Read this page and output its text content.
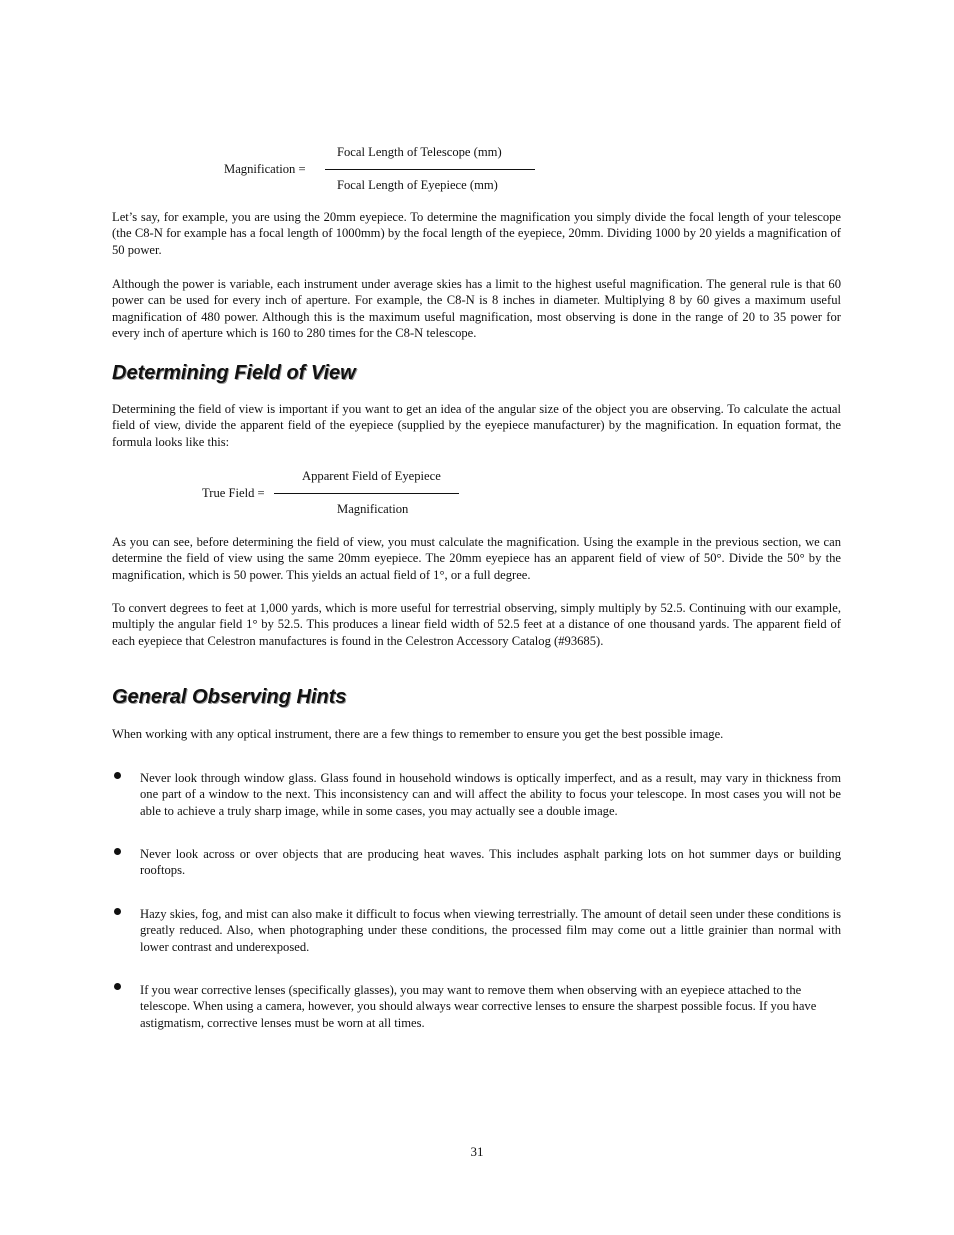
Focal Length of Telescope (mm)
Magnification =
Focal Length of Eyepiece (mm)

Let’s say, for example, you are using the 20mm eyepiece. To determine the magnification you simply divide the focal length of your telescope (the C8-N for example has a focal length of 1000mm) by the focal length of the eyepiece, 20mm. Dividing 1000 by 20 yields a magnification of 50 power.

Although the power is variable, each instrument under average skies has a limit to the highest useful magnification. The general rule is that 60 power can be used for every inch of aperture. For example, the C8-N is 8 inches in diameter. Multiplying 8 by 60 gives a maximum useful magnification of 480 power. Although this is the maximum useful magnification, most observing is done in the range of 20 to 35 power for every inch of aperture which is 160 to 280 times for the C8-N telescope.

Determining Field of View

Determining the field of view is important if you want to get an idea of the angular size of the object you are observing. To calculate the actual field of view, divide the apparent field of the eyepiece (supplied by the eyepiece manufacturer) by the magnification. In equation format, the formula looks like this:

Apparent Field of Eyepiece
True Field =
Magnification

As you can see, before determining the field of view, you must calculate the magnification. Using the example in the previous section, we can determine the field of view using the same 20mm eyepiece. The 20mm eyepiece has an apparent field of view of 50°. Divide the 50° by the magnification, which is 50 power. This yields an actual field of 1°, or a full degree.

To convert degrees to feet at 1,000 yards, which is more useful for terrestrial observing, simply multiply by 52.5. Continuing with our example, multiply the angular field 1° by 52.5. This produces a linear field width of 52.5 feet at a distance of one thousand yards. The apparent field of each eyepiece that Celestron manufactures is found in the Celestron Accessory Catalog (#93685).

General Observing Hints

When working with any optical instrument, there are a few things to remember to ensure you get the best possible image.

Never look through window glass. Glass found in household windows is optically imperfect, and as a result, may vary in thickness from one part of a window to the next. This inconsistency can and will affect the ability to focus your telescope. In most cases you will not be able to achieve a truly sharp image, while in some cases, you may actually see a double image.

Never look across or over objects that are producing heat waves. This includes asphalt parking lots on hot summer days or building rooftops.

Hazy skies, fog, and mist can also make it difficult to focus when viewing terrestrially. The amount of detail seen under these conditions is greatly reduced. Also, when photographing under these conditions, the processed film may come out a little grainier than normal with lower contrast and underexposed.

If you wear corrective lenses (specifically glasses), you may want to remove them when observing with an eyepiece attached to the telescope. When using a camera, however, you should always wear corrective lenses to ensure the sharpest possible focus. If you have astigmatism, corrective lenses must be worn at all times.

31
